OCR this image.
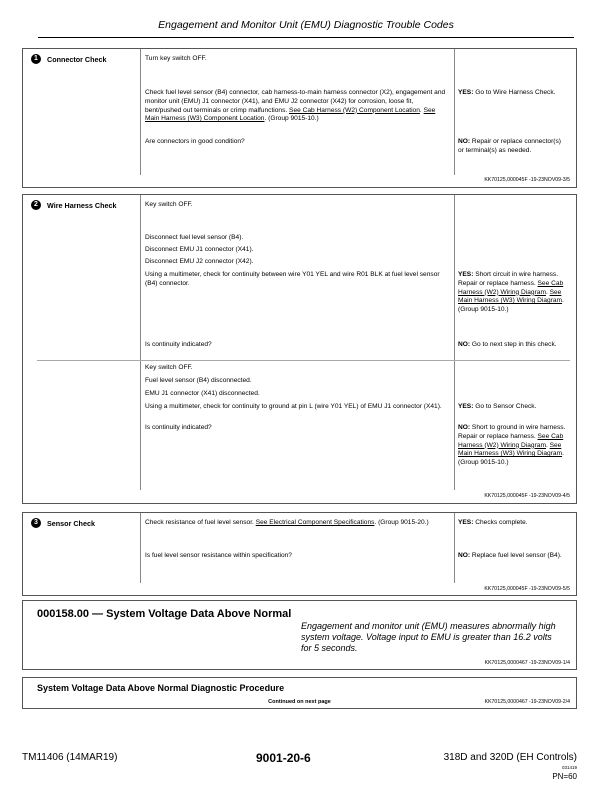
Engagement and Monitor Unit (EMU) Diagnostic Trouble Codes
1	Connector Check	Turn key switch OFF.
Check fuel level sensor (B4) connector, cab harness-to-main harness connector (X2), engagement and monitor unit (EMU) J1 connector (X41), and EMU J2 connector (X42) for corrosion, loose fit, bent/pushed out terminals or crimp malfunctions. See Cab Harness (W2) Component Location. See Main Harness (W3) Component Location. (Group 9015-10.)
Are connectors in good condition?
YES: Go to Wire Harness Check.
NO: Repair or replace connector(s) or terminal(s) as needed.
KK70125,000045F -19-23NOV09-3/5
2	Wire Harness Check	Key switch OFF.
Disconnect fuel level sensor (B4).
Disconnect EMU J1 connector (X41).
Disconnect EMU J2 connector (X42).
Using a multimeter, check for continuity between wire Y01 YEL and wire R01 BLK at fuel level sensor (B4) connector.
Is continuity indicated?
YES: Short circuit in wire harness. Repair or replace harness. See Cab Harness (W2) Wiring Diagram. See Main Harness (W3) Wiring Diagram. (Group 9015-10.)
NO: Go to next step in this check.
Key switch OFF.
Fuel level sensor (B4) disconnected.
EMU J1 connector (X41) disconnected.
Using a multimeter, check for continuity to ground at pin L (wire Y01 YEL) of EMU J1 connector (X41).
Is continuity indicated?
YES: Go to Sensor Check.
NO: Short to ground in wire harness. Repair or replace harness. See Cab Harness (W2) Wiring Diagram. See Main Harness (W3) Wiring Diagram. (Group 9015-10.)
KK70125,000045F -19-23NOV09-4/5
3	Sensor Check	Check resistance of fuel level sensor. See Electrical Component Specifications. (Group 9015-20.)
Is fuel level sensor resistance within specification?
YES: Checks complete.
NO: Replace fuel level sensor (B4).
KK70125,000045F -19-23NOV09-5/5
000158.00 — System Voltage Data Above Normal
Engagement and monitor unit (EMU) measures abnormally high system voltage. Voltage input to EMU is greater than 16.2 volts for 5 seconds.
KK70125,0000467 -19-23NOV09-1/4
System Voltage Data Above Normal Diagnostic Procedure
Continued on next page	KK70125,0000467 -19-23NOV09-2/4
TM11406 (14MAR19)	9001-20-6	318D and 320D (EH Controls)
031419
PN=60
